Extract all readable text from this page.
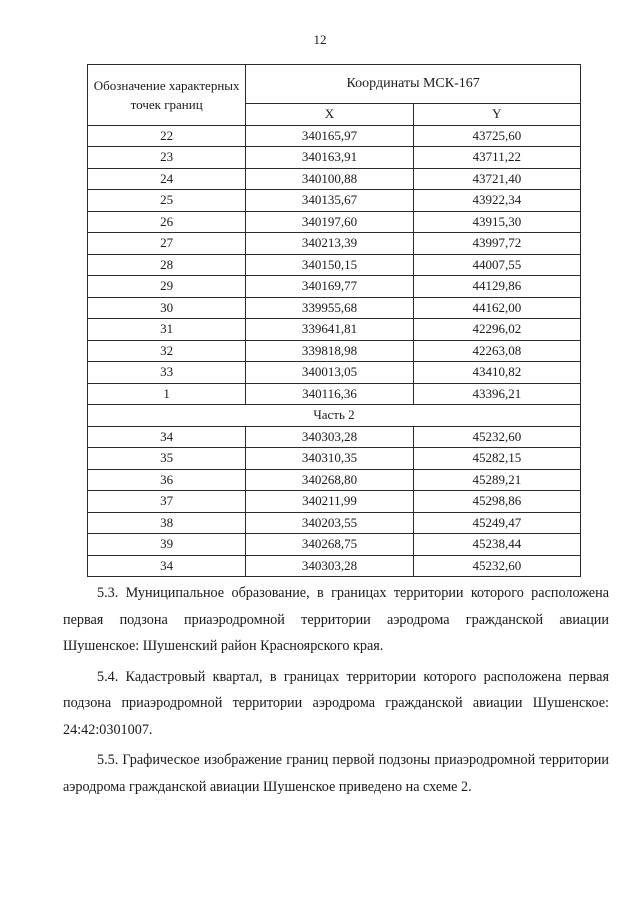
12
Обозначение характерных точек границ	Координаты МСК-167	
	X	Y
22	340165,97	43725,60
23	340163,91	43711,22
24	340100,88	43721,40
25	340135,67	43922,34
26	340197,60	43915,30
27	340213,39	43997,72
28	340150,15	44007,55
29	340169,77	44129,86
30	339955,68	44162,00
31	339641,81	42296,02
32	339818,98	42263,08
33	340013,05	43410,82
1	340116,36	43396,21
Часть 2		
34	340303,28	45232,60
35	340310,35	45282,15
36	340268,80	45289,21
37	340211,99	45298,86
38	340203,55	45249,47
39	340268,75	45238,44
34	340303,28	45232,60

5.3. Муниципальное образование, в границах территории которого расположена первая подзона приаэродромной территории аэродрома гражданской авиации Шушенское: Шушенский район Красноярского края.

5.4. Кадастровый квартал, в границах территории которого расположена первая подзона приаэродромной территории аэродрома гражданской авиации Шушенское: 24:42:0301007.

5.5. Графическое изображение границ первой подзоны приаэродромной территории аэродрома гражданской авиации Шушенское приведено на схеме 2.
